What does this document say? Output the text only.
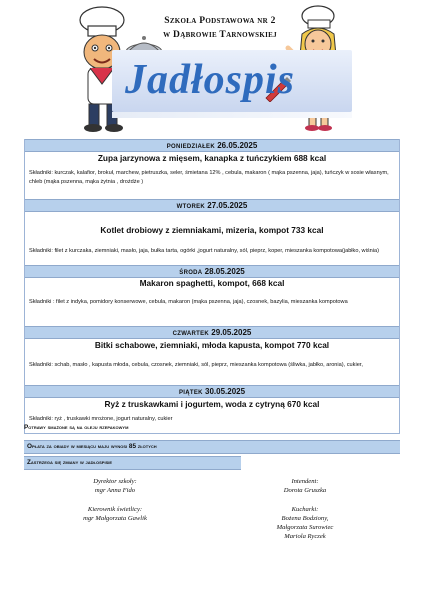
Szkoła Podstawowa nr 2
w Dąbrowie Tarnowskiej
Jadłospis
PONIEDZIAŁEK 26.05.2025
Zupa jarzynowa z mięsem, kanapka z tuńczykiem 688 kcal
Składniki: kurczak, kalafior, brokuł, marchew, pietruszka, seler, śmietana 12% , cebula, makaron ( mąka pszenna, jaja), tuńczyk w sosie własnym, chleb (mąka pszenna, mąka żytnia , drożdże )
WTOREK 27.05.2025
Kotlet drobiowy z ziemniakami, mizeria, kompot 733 kcal
Składniki: filet z kurczaka, ziemniaki, masło, jaja, bułka tarta, ogórki ,jogurt naturalny, sól, pieprz, koper, mieszanka kompotowa(jabłko, wiśnia)
ŚRODA 28.05.2025
Makaron spaghetti, kompot, 668 kcal
Składniki : filet z indyka, pomidory konserwowe, cebula, makaron (mąka pszenna, jaja), czosnek, bazylia, mieszanka kompotowa
CZWARTEK 29.05.2025
Bitki schabowe, ziemniaki, młoda kapusta, kompot 770 kcal
Składniki: schab, masło , kapusta młoda, cebula, czosnek, ziemniaki, sól, pieprz, mieszanka kompotowa (śliwka, jabłko, aronia), cukier,
PIĄTEK 30.05.2025
Ryż z truskawkami i jogurtem, woda z cytryną 670 kcal
Składniki: ryż , truskawki mrożone, jogurt naturalny, cukier
Potrawy smażone są na oleju rzepakowym
Opłata za obiady w miesiącu maju wynosi 85 złotych
Zastrzega się zmiany w jadłospisie
Dyrektor szkoły:
mgr Anna Fido
Kierownik świetlicy:
mgr Małgorzata Gawlik
Intendent:
Dorota Gruszka
Kucharki:
Bożena Bodziony,
Małgorzata Surowiec
Mariola Ryczek
